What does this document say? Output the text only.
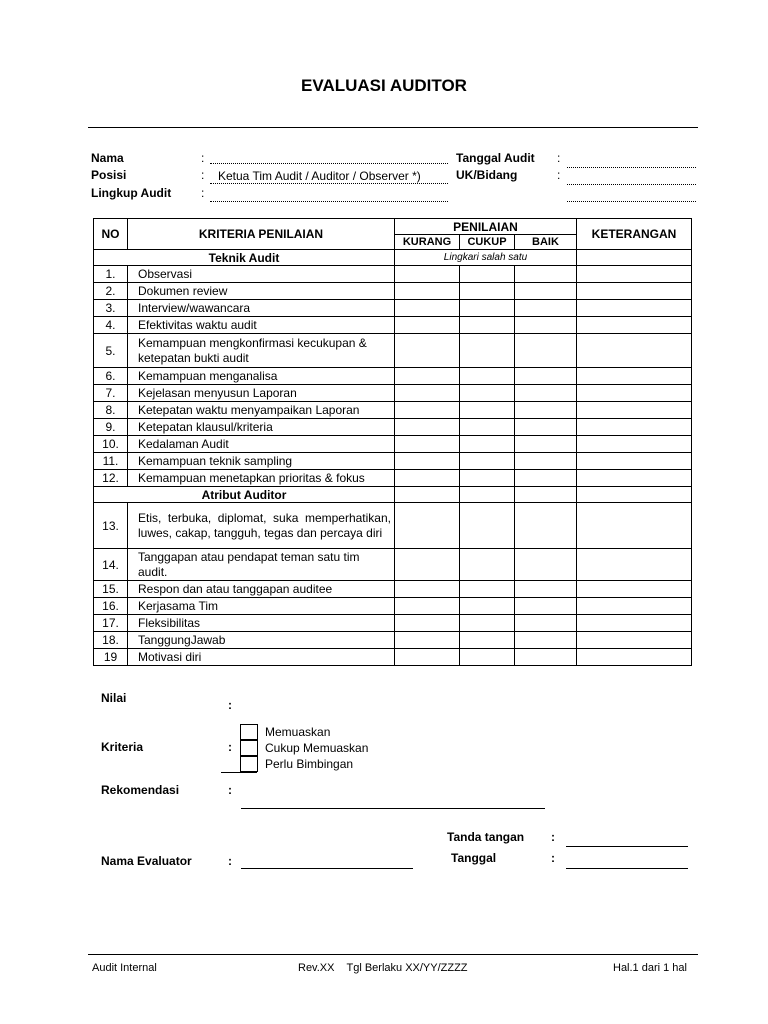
EVALUASI AUDITOR
Nama	:
Posisi	: Ketua Tim Audit / Auditor / Observer *)
Lingkup Audit :
Tanggal Audit :
UK/Bidang	:
NO	KRITERIA PENILAIAN	PENILAIAN			KETERANGAN
		KURANG	CUKUP	BAIK	
Teknik Audit		Lingkari salah satu			
1.	Observasi				
2.	Dokumen review				
3.	Interview/wawancara				
4.	Efektivitas waktu audit				
5.	Kemampuan mengkonfirmasi kecukupan & ketepatan bukti audit				
6.	Kemampuan menganalisa				
7.	Kejelasan menyusun Laporan				
8.	Ketepatan waktu menyampaikan Laporan				
9.	Ketepatan klausul/kriteria				
10.	Kedalaman Audit				
11.	Kemampuan teknik sampling				
12.	Kemampuan menetapkan prioritas & fokus				
Atribut Auditor					
13.	Etis, terbuka, diplomat, suka memperhatikan, luwes, cakap, tangguh, tegas dan percaya diri				
14.	Tanggapan atau pendapat teman satu tim audit.				
15.	Respon dan atau tanggapan auditee				
16.	Kerjasama Tim				
17.	Fleksibilitas				
18.	TanggungJawab				
19	Motivasi diri				
Nilai	:
Kriteria	:
Memuaskan
Cukup Memuaskan
Perlu Bimbingan
Rekomendasi	:
Tanda tangan :
Tanggal	:
Nama Evaluator	:
Audit Internal	Rev.XX    Tgl Berlaku XX/YY/ZZZZ	Hal.1 dari 1 hal
